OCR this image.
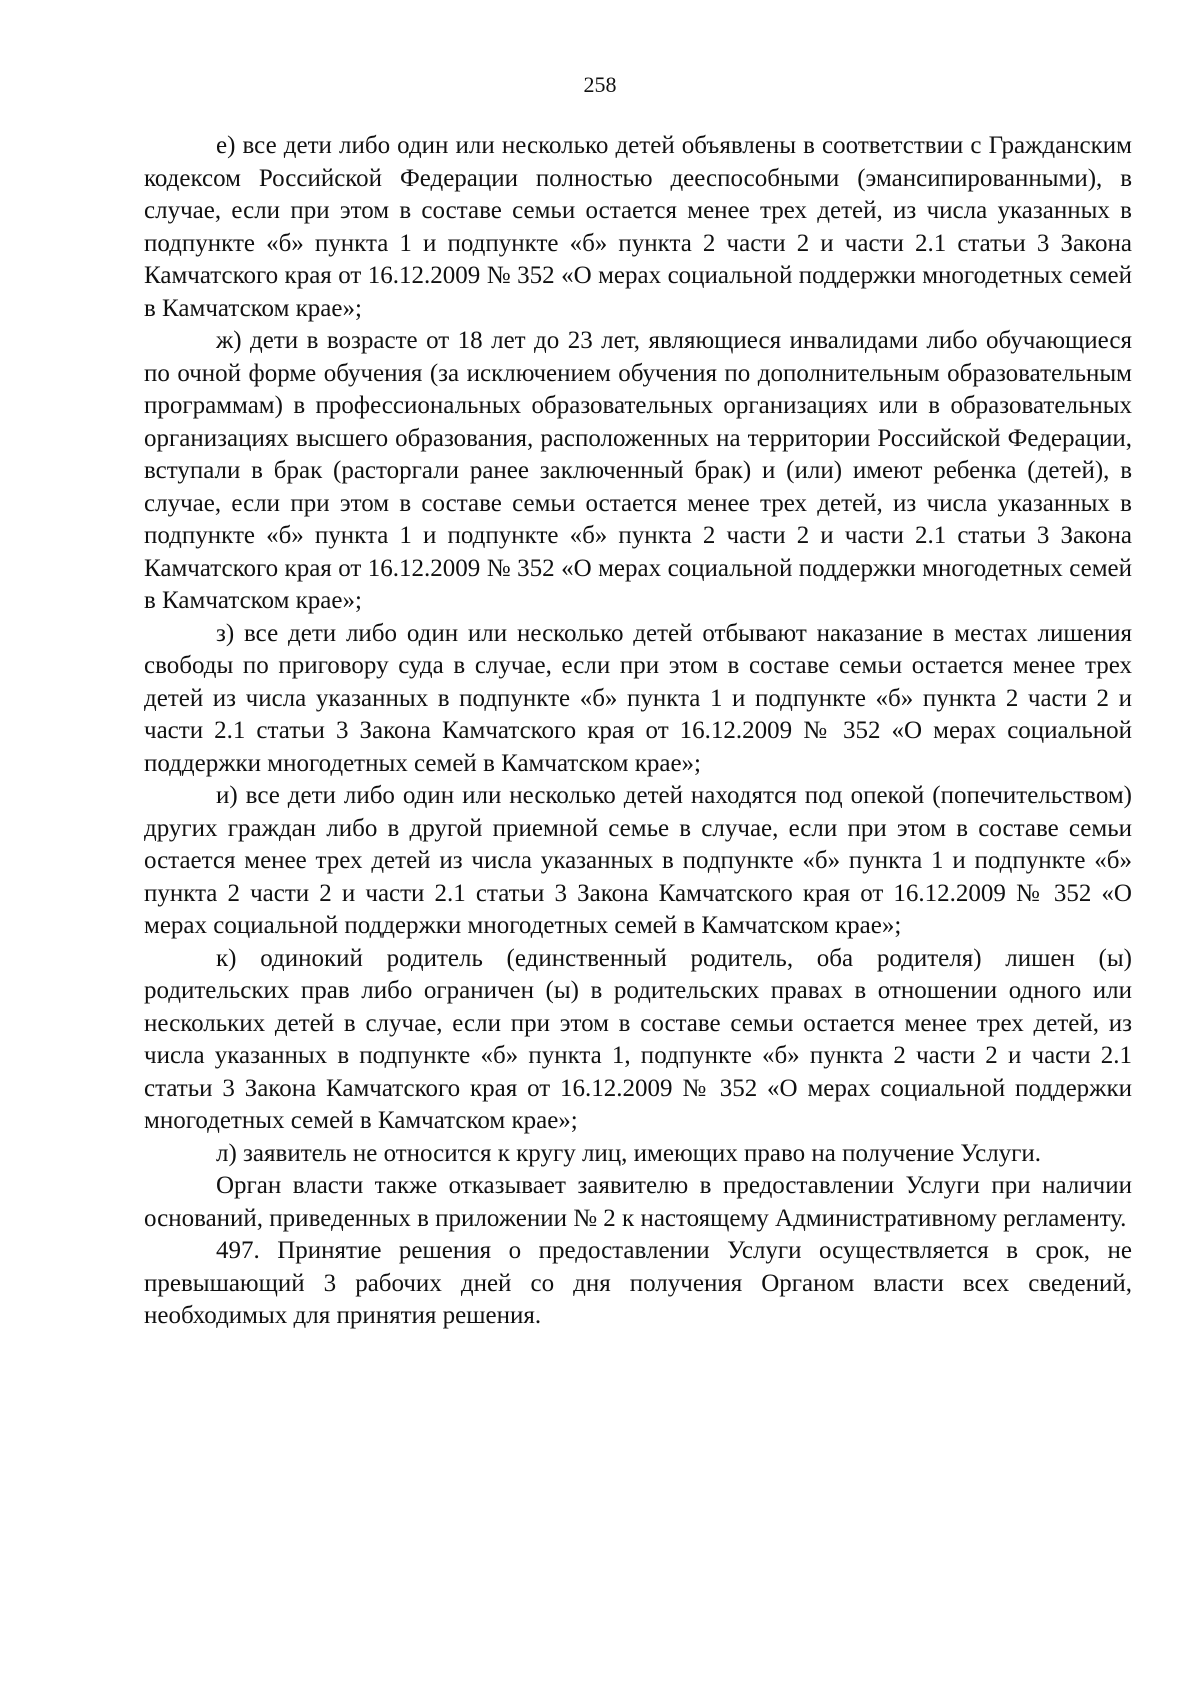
258

е) все дети либо один или несколько детей объявлены в соответствии с Гражданским кодексом Российской Федерации полностью дееспособными (эмансипированными), в случае, если при этом в составе семьи остается менее трех детей, из числа указанных в подпункте «б» пункта 1 и подпункте «б» пункта 2 части 2 и части 2.1 статьи 3 Закона Камчатского края от 16.12.2009 № 352 «О мерах социальной поддержки многодетных семей в Камчатском крае»;

ж) дети в возрасте от 18 лет до 23 лет, являющиеся инвалидами либо обучающиеся по очной форме обучения (за исключением обучения по дополнительным образовательным программам) в профессиональных образовательных организациях или в образовательных организациях высшего образования, расположенных на территории Российской Федерации, вступали в брак (расторгали ранее заключенный брак) и (или) имеют ребенка (детей), в случае, если при этом в составе семьи остается менее трех детей, из числа указанных в подпункте «б» пункта 1 и подпункте «б» пункта 2 части 2 и части 2.1 статьи 3 Закона Камчатского края от 16.12.2009 № 352 «О мерах социальной поддержки многодетных семей в Камчатском крае»;

з) все дети либо один или несколько детей отбывают наказание в местах лишения свободы по приговору суда в случае, если при этом в составе семьи остается менее трех детей из числа указанных в подпункте «б» пункта 1 и подпункте «б» пункта 2 части 2 и части 2.1 статьи 3 Закона Камчатского края от 16.12.2009 № 352 «О мерах социальной поддержки многодетных семей в Камчатском крае»;

и) все дети либо один или несколько детей находятся под опекой (попечительством) других граждан либо в другой приемной семье в случае, если при этом в составе семьи остается менее трех детей из числа указанных в подпункте «б» пункта 1 и подпункте «б» пункта 2 части 2 и части 2.1 статьи 3 Закона Камчатского края от 16.12.2009 № 352 «О мерах социальной поддержки многодетных семей в Камчатском крае»;

к) одинокий родитель (единственный родитель, оба родителя) лишен (ы) родительских прав либо ограничен (ы) в родительских правах в отношении одного или нескольких детей в случае, если при этом в составе семьи остается менее трех детей, из числа указанных в подпункте «б» пункта 1, подпункте «б» пункта 2 части 2 и части 2.1 статьи 3 Закона Камчатского края от 16.12.2009 № 352 «О мерах социальной поддержки многодетных семей в Камчатском крае»;

л) заявитель не относится к кругу лиц, имеющих право на получение Услуги.

Орган власти также отказывает заявителю в предоставлении Услуги при наличии оснований, приведенных в приложении № 2 к настоящему Административному регламенту.

497. Принятие решения о предоставлении Услуги осуществляется в срок, не превышающий 3 рабочих дней со дня получения Органом власти всех сведений, необходимых для принятия решения.
